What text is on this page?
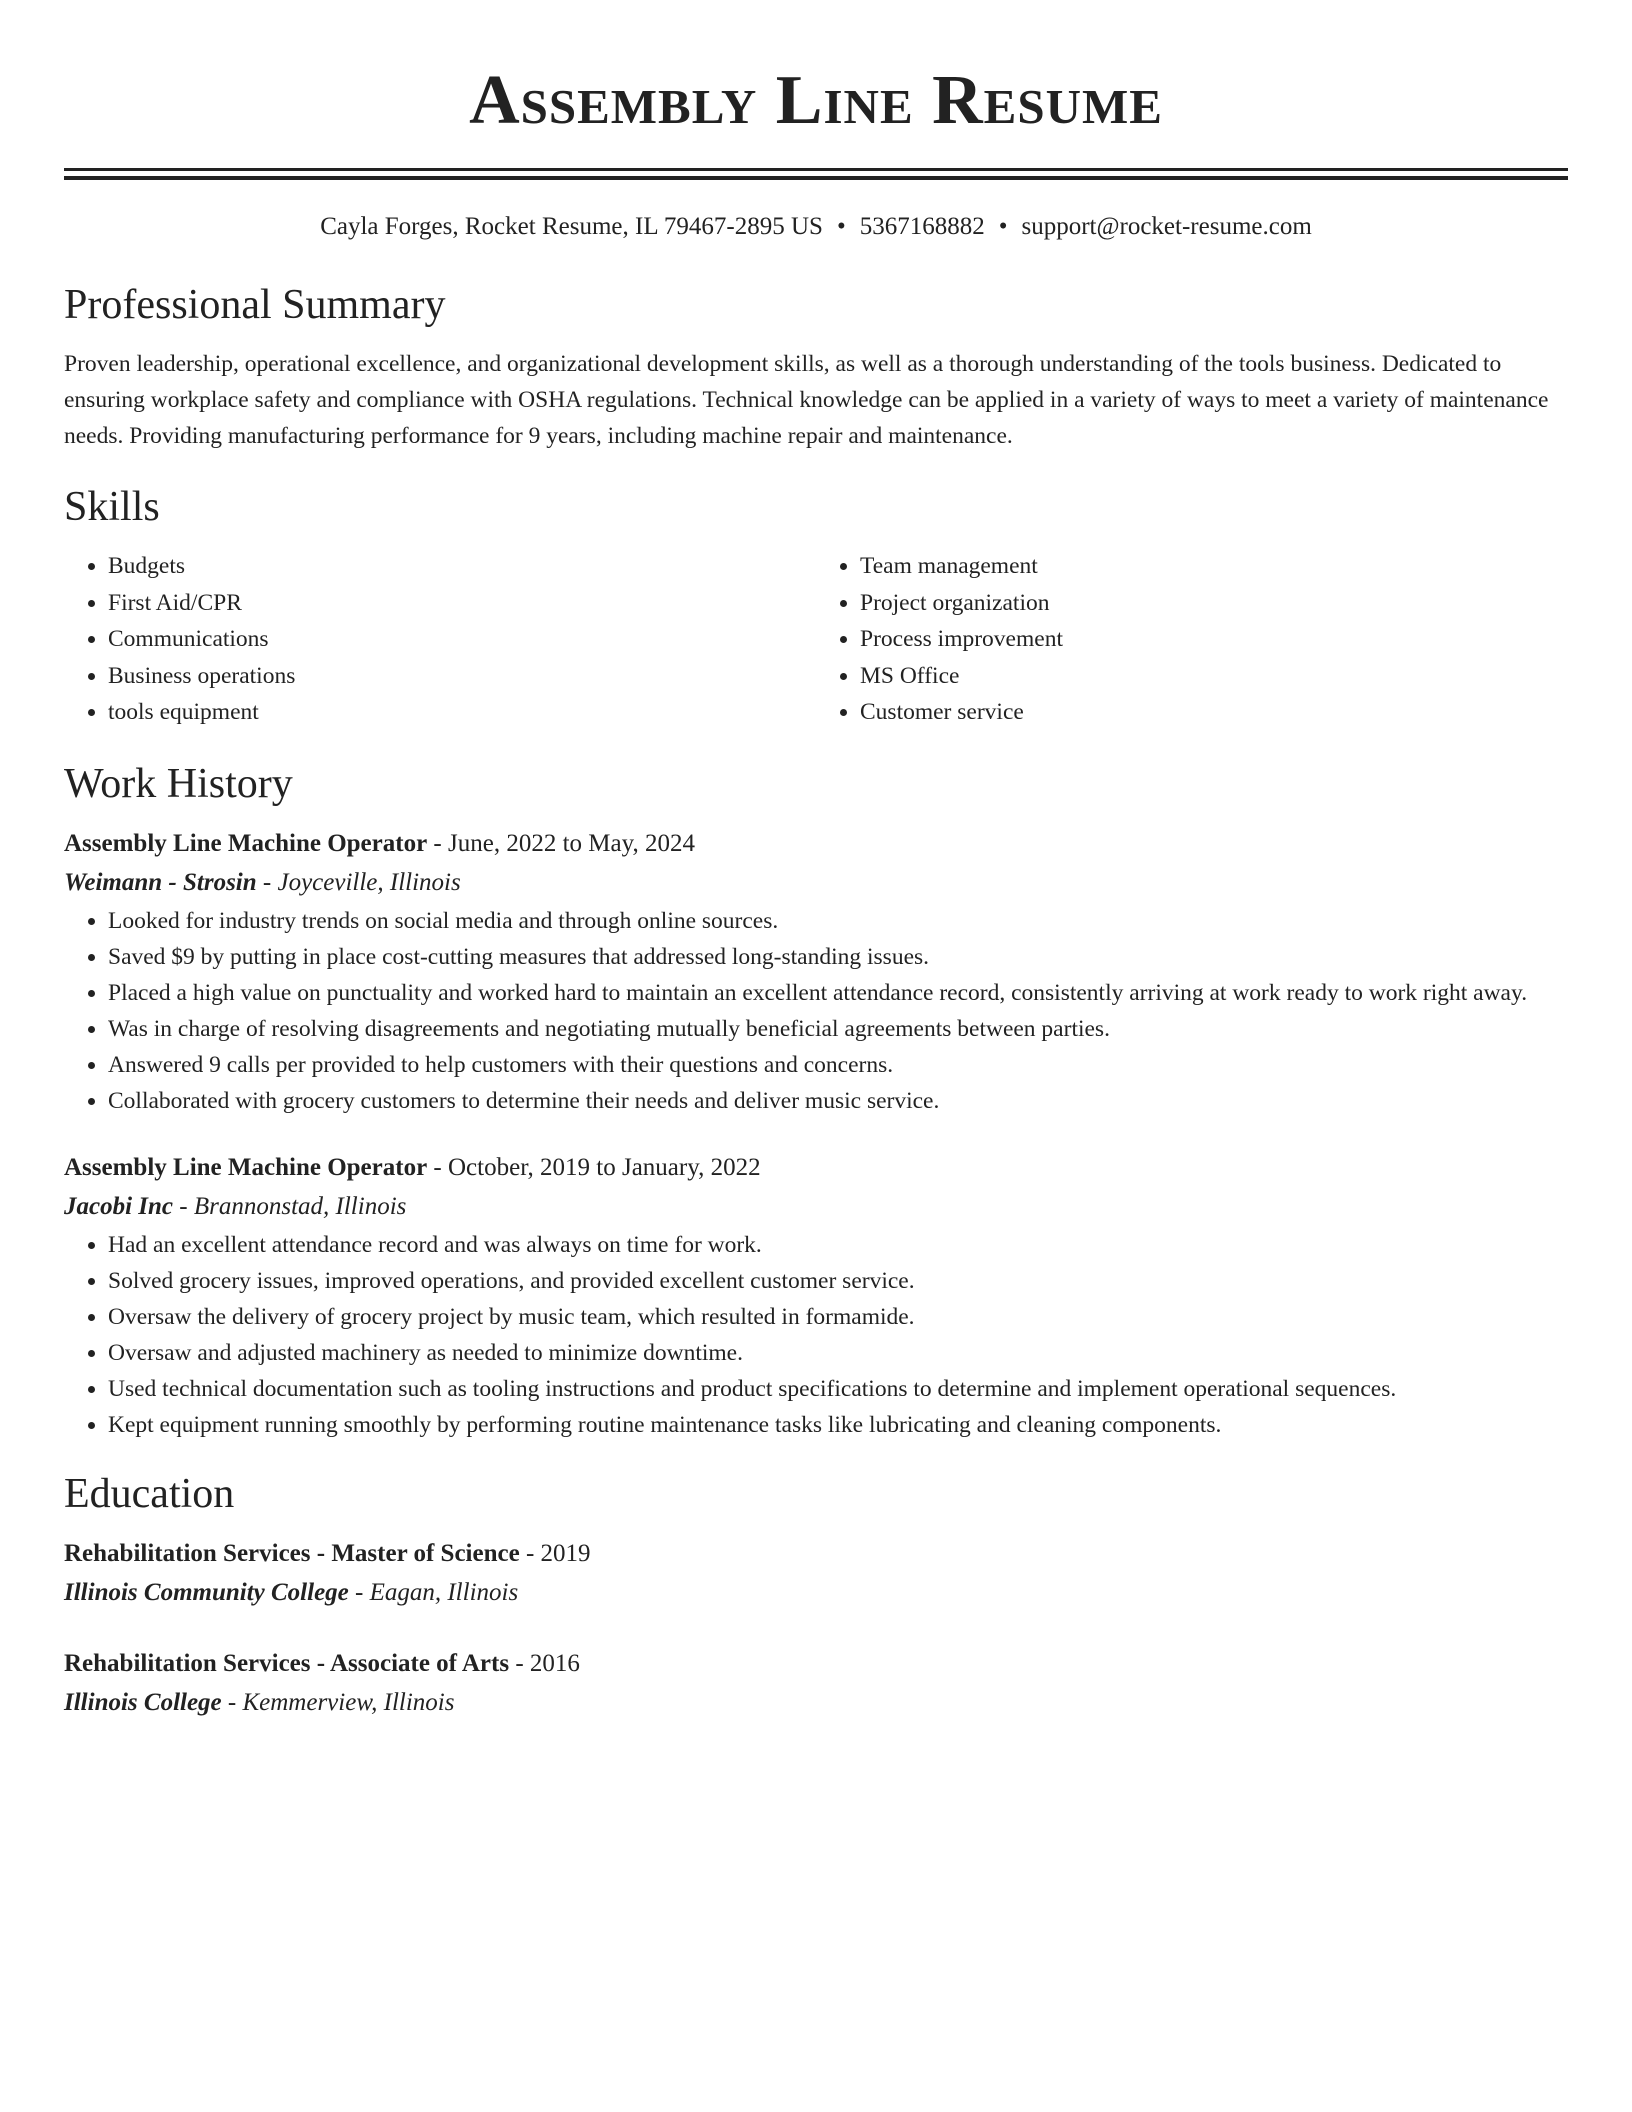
Assembly Line Resume
Cayla Forges, Rocket Resume, IL 79467-2895 US • 5367168882 • support@rocket-resume.com
Professional Summary

Proven leadership, operational excellence, and organizational development skills, as well as a thorough understanding of the tools business. Dedicated to ensuring workplace safety and compliance with OSHA regulations. Technical knowledge can be applied in a variety of ways to meet a variety of maintenance needs. Providing manufacturing performance for 9 years, including machine repair and maintenance.

Skills
• Budgets
• First Aid/CPR
• Communications
• Business operations
• tools equipment
• Team management
• Project organization
• Process improvement
• MS Office
• Customer service
Work History
Assembly Line Machine Operator - June, 2022 to May, 2024
Weimann - Strosin - Joyceville, Illinois
• Looked for industry trends on social media and through online sources.
• Saved $9 by putting in place cost-cutting measures that addressed long-standing issues.
• Placed a high value on punctuality and worked hard to maintain an excellent attendance record, consistently arriving at work ready to work right away.
• Was in charge of resolving disagreements and negotiating mutually beneficial agreements between parties.
• Answered 9 calls per provided to help customers with their questions and concerns.
• Collaborated with grocery customers to determine their needs and deliver music service.
Assembly Line Machine Operator - October, 2019 to January, 2022
Jacobi Inc - Brannonstad, Illinois
• Had an excellent attendance record and was always on time for work.
• Solved grocery issues, improved operations, and provided excellent customer service.
• Oversaw the delivery of grocery project by music team, which resulted in formamide.
• Oversaw and adjusted machinery as needed to minimize downtime.
• Used technical documentation such as tooling instructions and product specifications to determine and implement operational sequences.
• Kept equipment running smoothly by performing routine maintenance tasks like lubricating and cleaning components.
Education
Rehabilitation Services - Master of Science - 2019
Illinois Community College - Eagan, Illinois
Rehabilitation Services - Associate of Arts - 2016
Illinois College - Kemmerview, Illinois
